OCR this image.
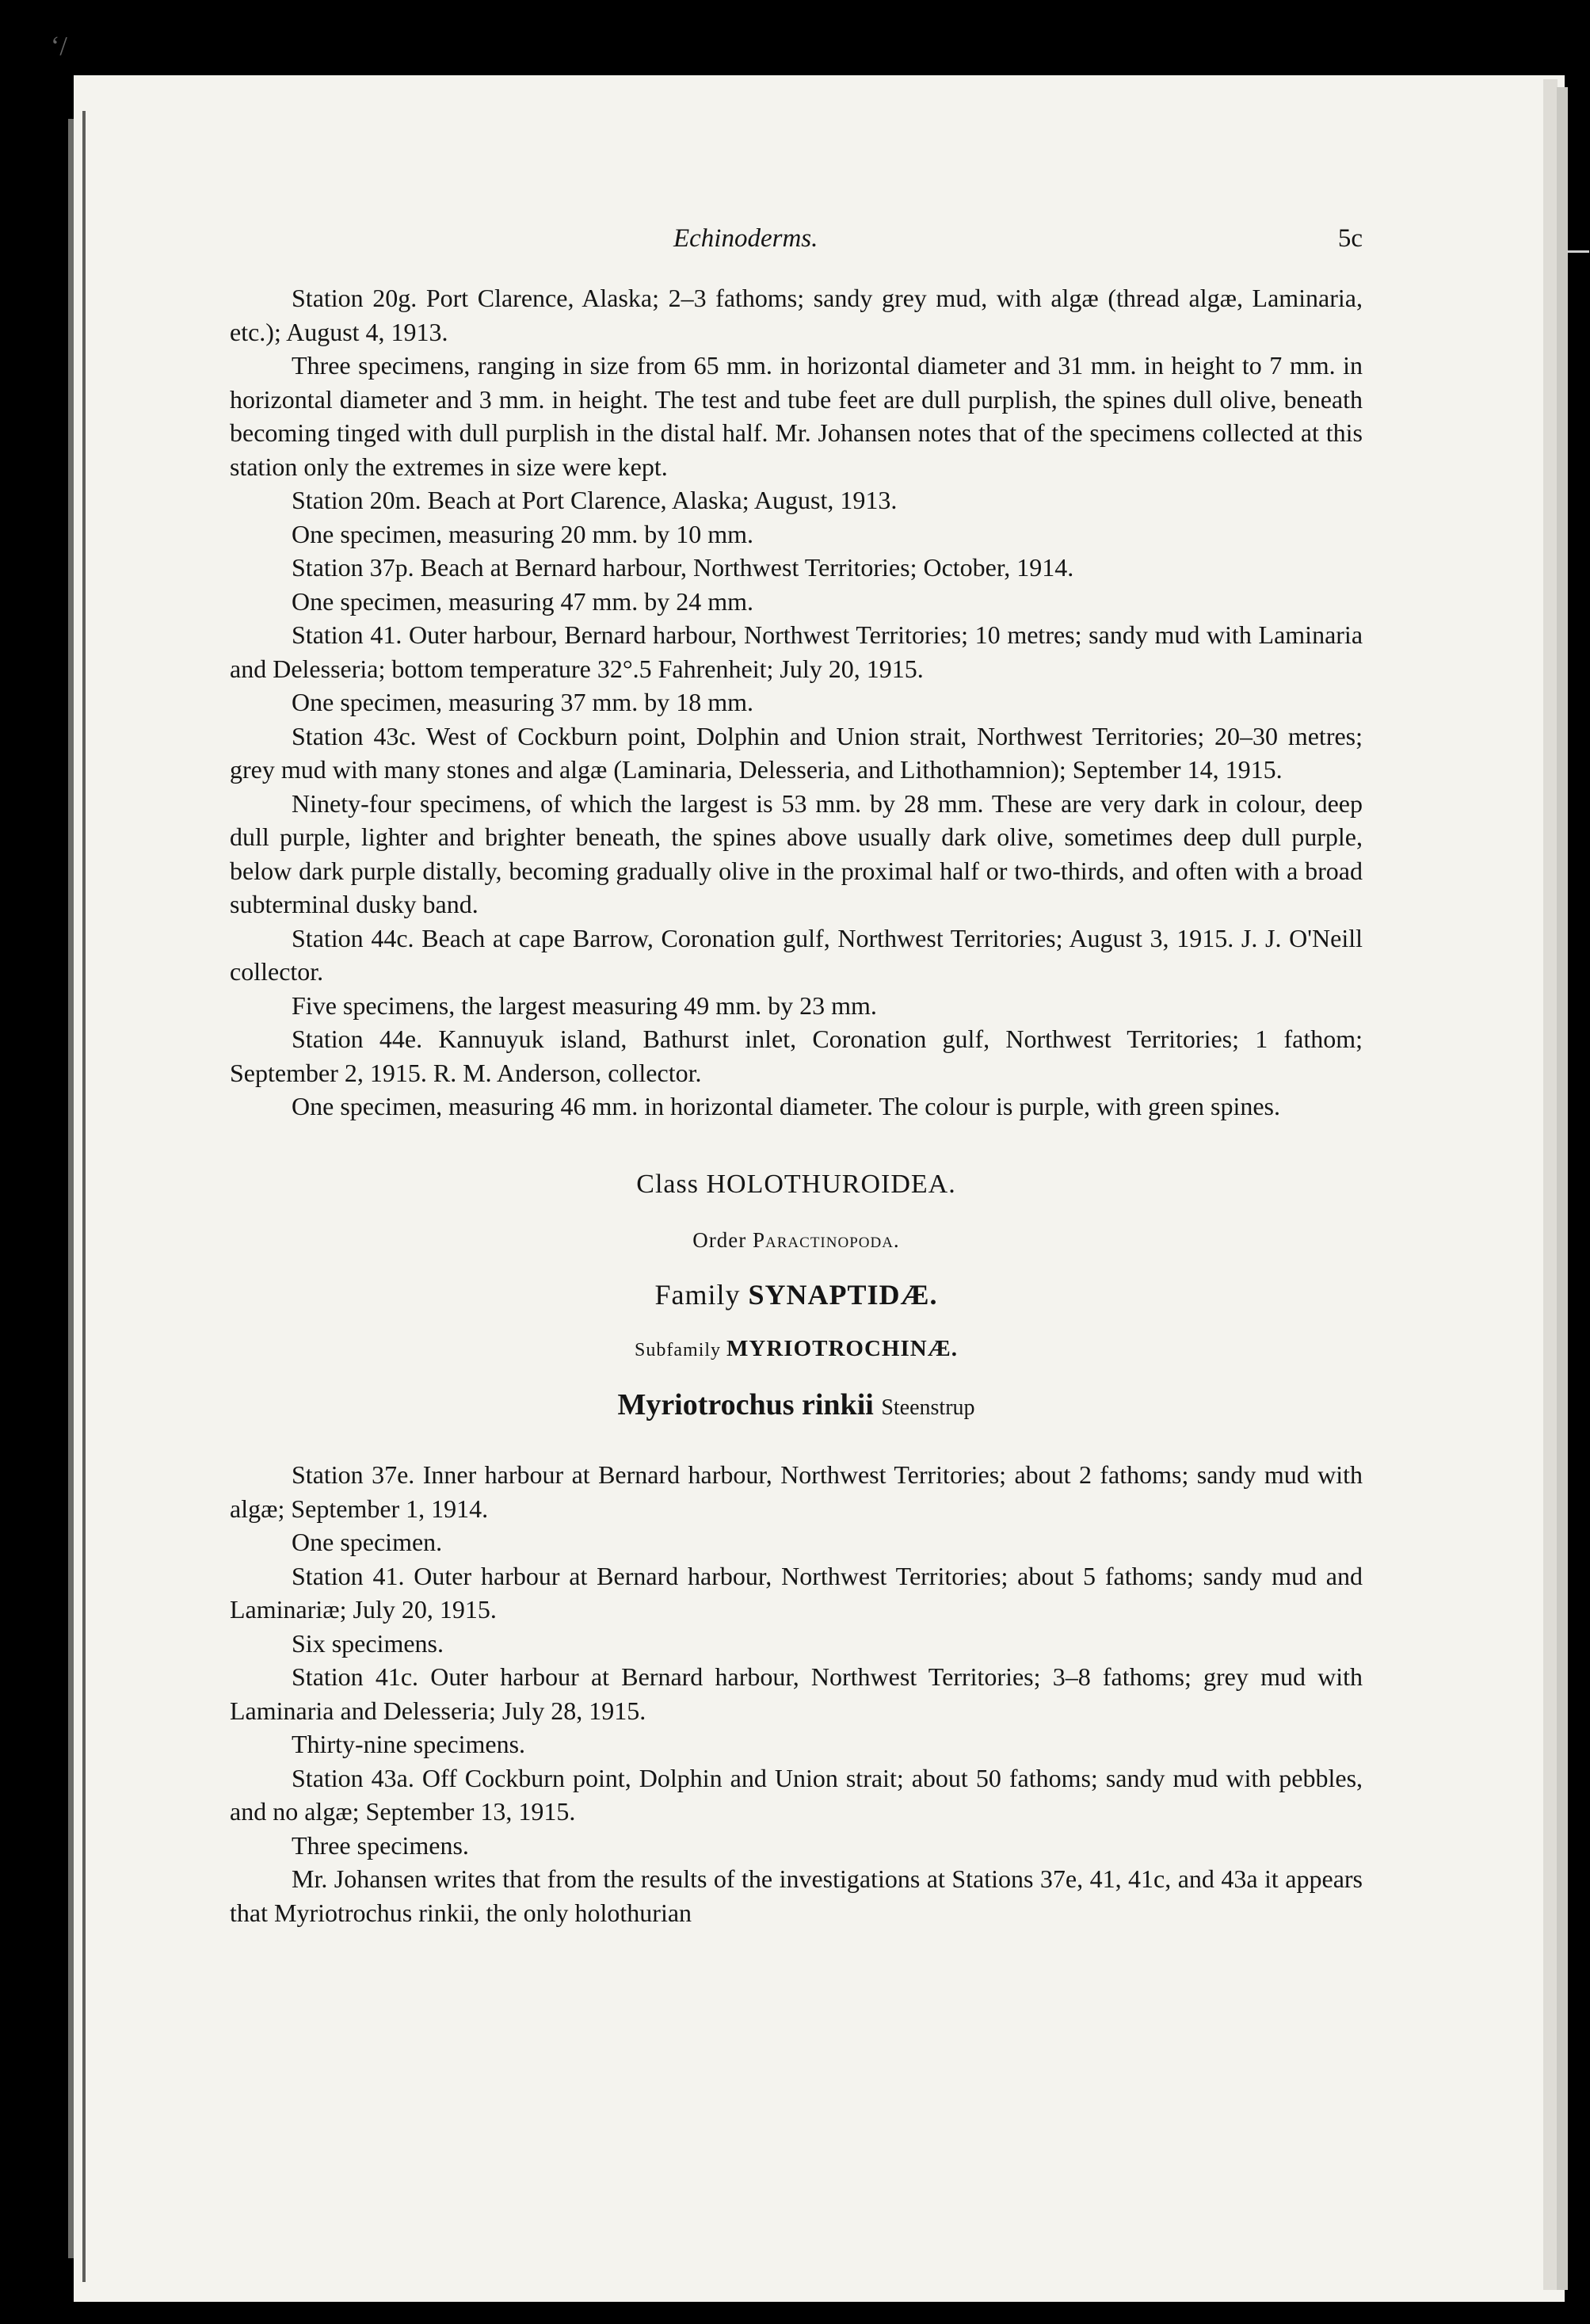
‘/
Echinoderms.	5c

Station 20g. Port Clarence, Alaska; 2–3 fathoms; sandy grey mud, with algæ (thread algæ, Laminaria, etc.); August 4, 1913.

Three specimens, ranging in size from 65 mm. in horizontal diameter and 31 mm. in height to 7 mm. in horizontal diameter and 3 mm. in height. The test and tube feet are dull purplish, the spines dull olive, beneath becoming tinged with dull purplish in the distal half. Mr. Johansen notes that of the specimens collected at this station only the extremes in size were kept.

Station 20m. Beach at Port Clarence, Alaska; August, 1913.

One specimen, measuring 20 mm. by 10 mm.

Station 37p. Beach at Bernard harbour, Northwest Territories; October, 1914.

One specimen, measuring 47 mm. by 24 mm.

Station 41. Outer harbour, Bernard harbour, Northwest Territories; 10 metres; sandy mud with Laminaria and Delesseria; bottom temperature 32°.5 Fahrenheit; July 20, 1915.

One specimen, measuring 37 mm. by 18 mm.

Station 43c. West of Cockburn point, Dolphin and Union strait, Northwest Territories; 20–30 metres; grey mud with many stones and algæ (Laminaria, Delesseria, and Lithothamnion); September 14, 1915.

Ninety-four specimens, of which the largest is 53 mm. by 28 mm. These are very dark in colour, deep dull purple, lighter and brighter beneath, the spines above usually dark olive, sometimes deep dull purple, below dark purple distally, becoming gradually olive in the proximal half or two-thirds, and often with a broad subterminal dusky band.

Station 44c. Beach at cape Barrow, Coronation gulf, Northwest Territories; August 3, 1915. J. J. O'Neill collector.

Five specimens, the largest measuring 49 mm. by 23 mm.

Station 44e. Kannuyuk island, Bathurst inlet, Coronation gulf, Northwest Territories; 1 fathom; September 2, 1915. R. M. Anderson, collector.

One specimen, measuring 46 mm. in horizontal diameter. The colour is purple, with green spines.

Class HOLOTHUROIDEA.

Order Paractinopoda.

Family SYNAPTIDÆ.

Subfamily MYRIOTROCHINÆ.

Myriotrochus rinkii Steenstrup

Station 37e. Inner harbour at Bernard harbour, Northwest Territories; about 2 fathoms; sandy mud with algæ; September 1, 1914.

One specimen.

Station 41. Outer harbour at Bernard harbour, Northwest Territories; about 5 fathoms; sandy mud and Laminariæ; July 20, 1915.

Six specimens.

Station 41c. Outer harbour at Bernard harbour, Northwest Territories; 3–8 fathoms; grey mud with Laminaria and Delesseria; July 28, 1915.

Thirty-nine specimens.

Station 43a. Off Cockburn point, Dolphin and Union strait; about 50 fathoms; sandy mud with pebbles, and no algæ; September 13, 1915.

Three specimens.

Mr. Johansen writes that from the results of the investigations at Stations 37e, 41, 41c, and 43a it appears that Myriotrochus rinkii, the only holothurian
